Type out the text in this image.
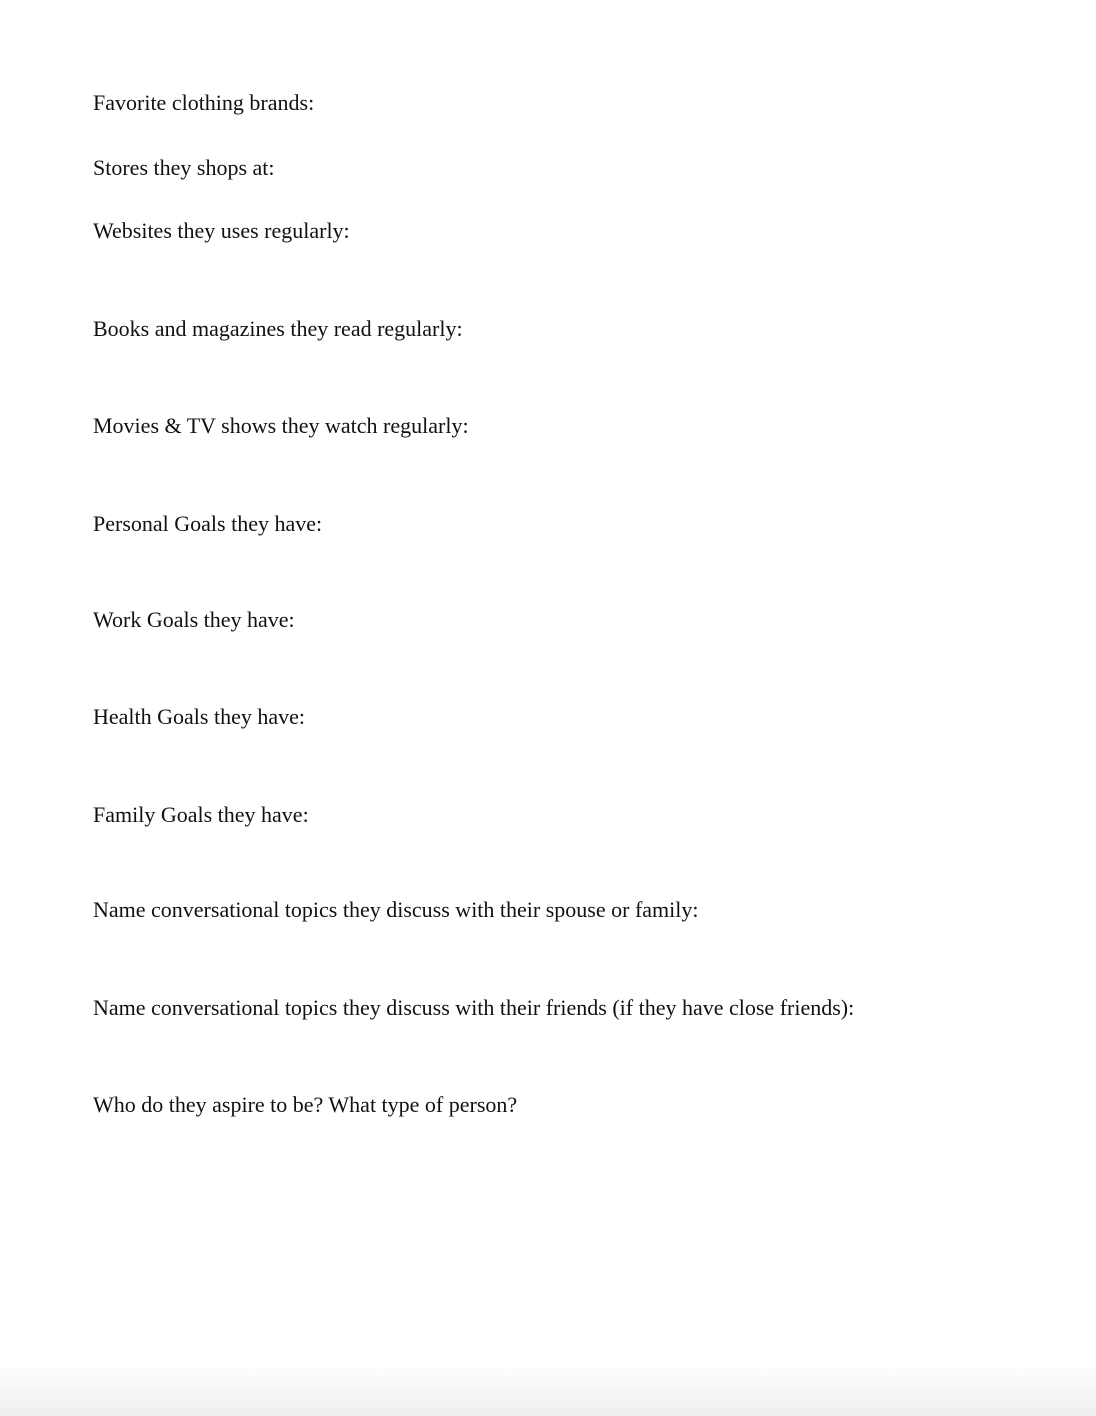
Favorite clothing brands:

Stores they shops at:

Websites they uses regularly:

Books and magazines they read regularly:

Movies & TV shows they watch regularly:

Personal Goals they have:

Work Goals they have:

Health Goals they have:

Family Goals they have:

Name conversational topics they discuss with their spouse or family:

Name conversational topics they discuss with their friends (if they have close friends):

Who do they aspire to be? What type of person?
